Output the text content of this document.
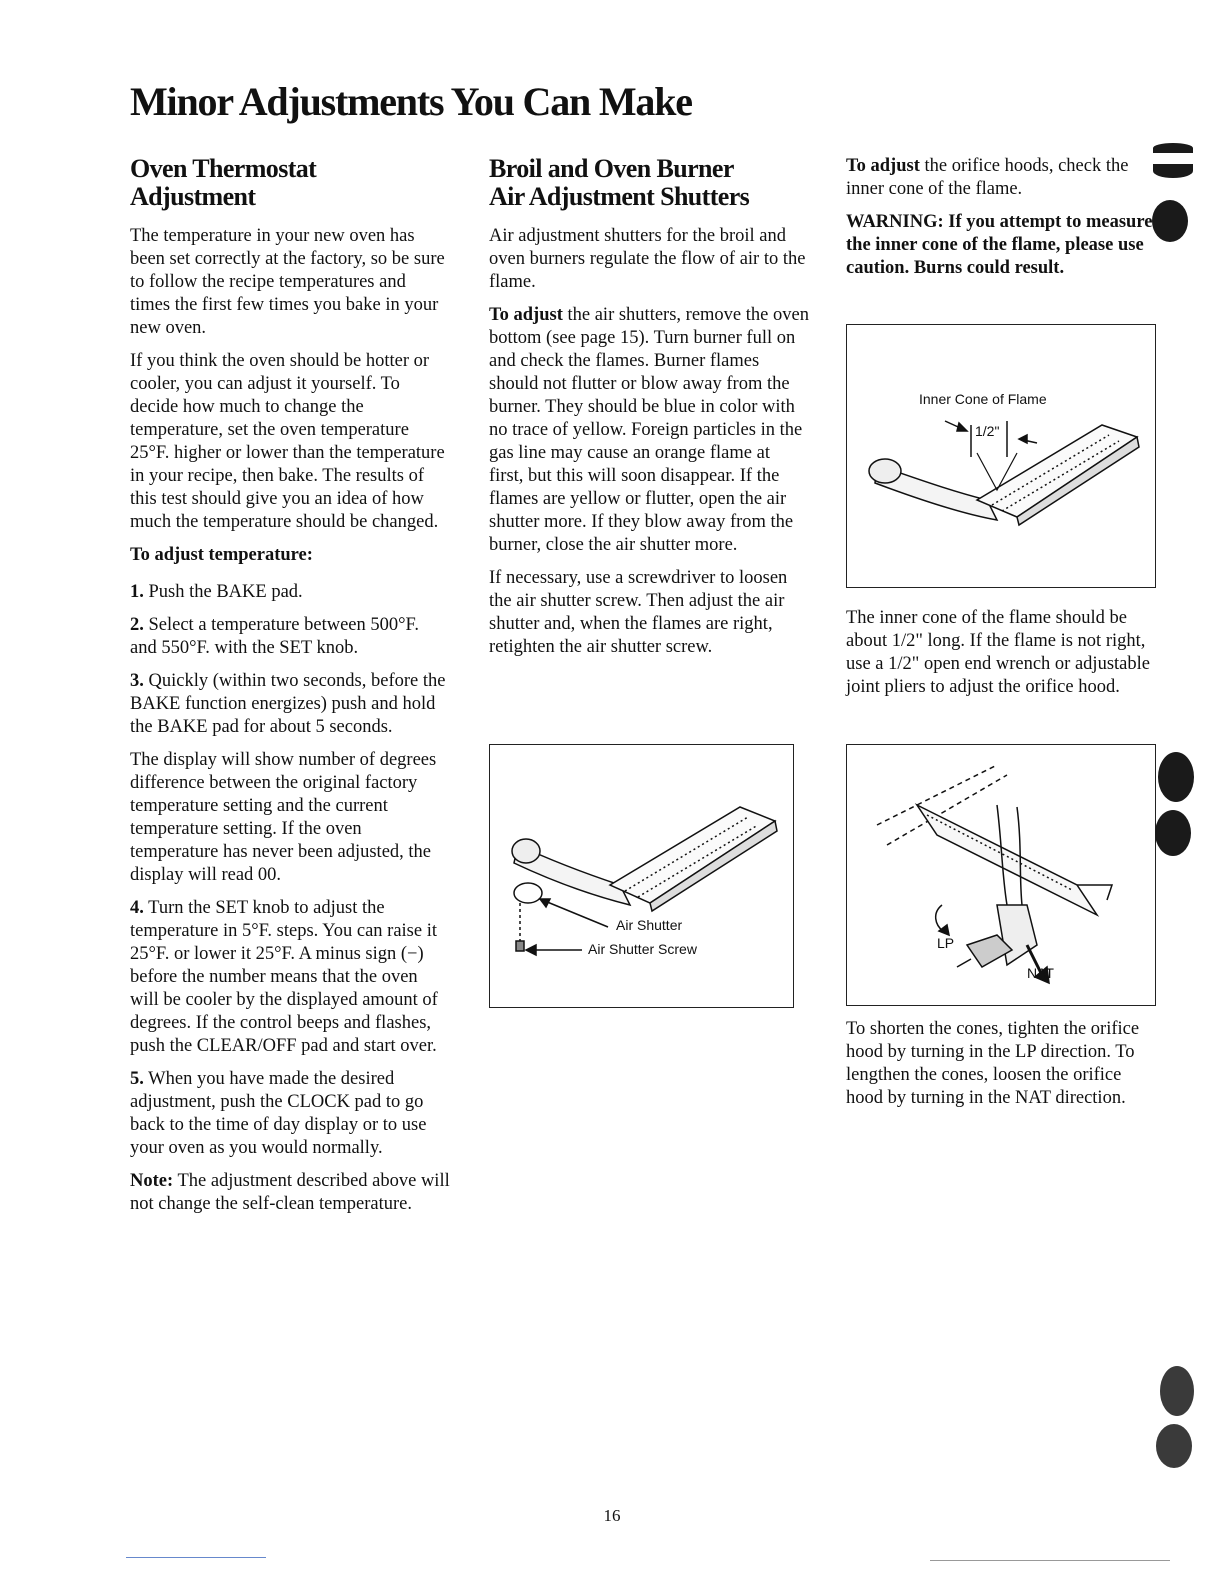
Minor Adjustments You Can Make
Oven Thermostat
Adjustment

The temperature in your new oven has been set correctly at the factory, so be sure to follow the recipe temperatures and times the first few times you bake in your new oven.

If you think the oven should be hotter or cooler, you can adjust it yourself. To decide how much to change the temperature, set the oven temperature 25°F. higher or lower than the temperature in your recipe, then bake. The results of this test should give you an idea of how much the temperature should be changed.

To adjust temperature:

1. Push the BAKE pad.

2. Select a temperature between 500°F. and 550°F. with the SET knob.

3. Quickly (within two seconds, before the BAKE function energizes) push and hold the BAKE pad for about 5 seconds.

The display will show number of degrees difference between the original factory temperature setting and the current temperature setting. If the oven temperature has never been adjusted, the display will read 00.

4. Turn the SET knob to adjust the temperature in 5°F. steps. You can raise it 25°F. or lower it 25°F. A minus sign (−) before the number means that the oven will be cooler by the displayed amount of degrees. If the control beeps and flashes, push the CLEAR/OFF pad and start over.

5. When you have made the desired adjustment, push the CLOCK pad to go back to the time of day display or to use your oven as you would normally.

Note: The adjustment described above will not change the self-clean temperature.

Broil and Oven Burner
Air Adjustment Shutters

Air adjustment shutters for the broil and oven burners regulate the flow of air to the flame.

To adjust the air shutters, remove the oven bottom (see page 15). Turn burner full on and check the flames. Burner flames should not flutter or blow away from the burner. They should be blue in color with no trace of yellow. Foreign particles in the gas line may cause an orange flame at first, but this will soon disappear. If the flames are yellow or flutter, open the air shutter more. If they blow away from the burner, close the air shutter more.

If necessary, use a screwdriver to loosen the air shutter screw. Then adjust the air shutter and, when the flames are right, retighten the air shutter screw.

To adjust the orifice hoods, check the inner cone of the flame.

WARNING: If you attempt to measure the inner cone of the flame, please use caution. Burns could result.

Inner Cone of Flame
1/2"

The inner cone of the flame should be about 1/2" long. If the flame is not right, use a 1/2" open end wrench or adjustable joint pliers to adjust the orifice hood.

Air Shutter
Air Shutter Screw	LP
NAT

To shorten the cones, tighten the orifice hood by turning in the LP direction. To lengthen the cones, loosen the orifice hood by turning in the NAT direction.

16
